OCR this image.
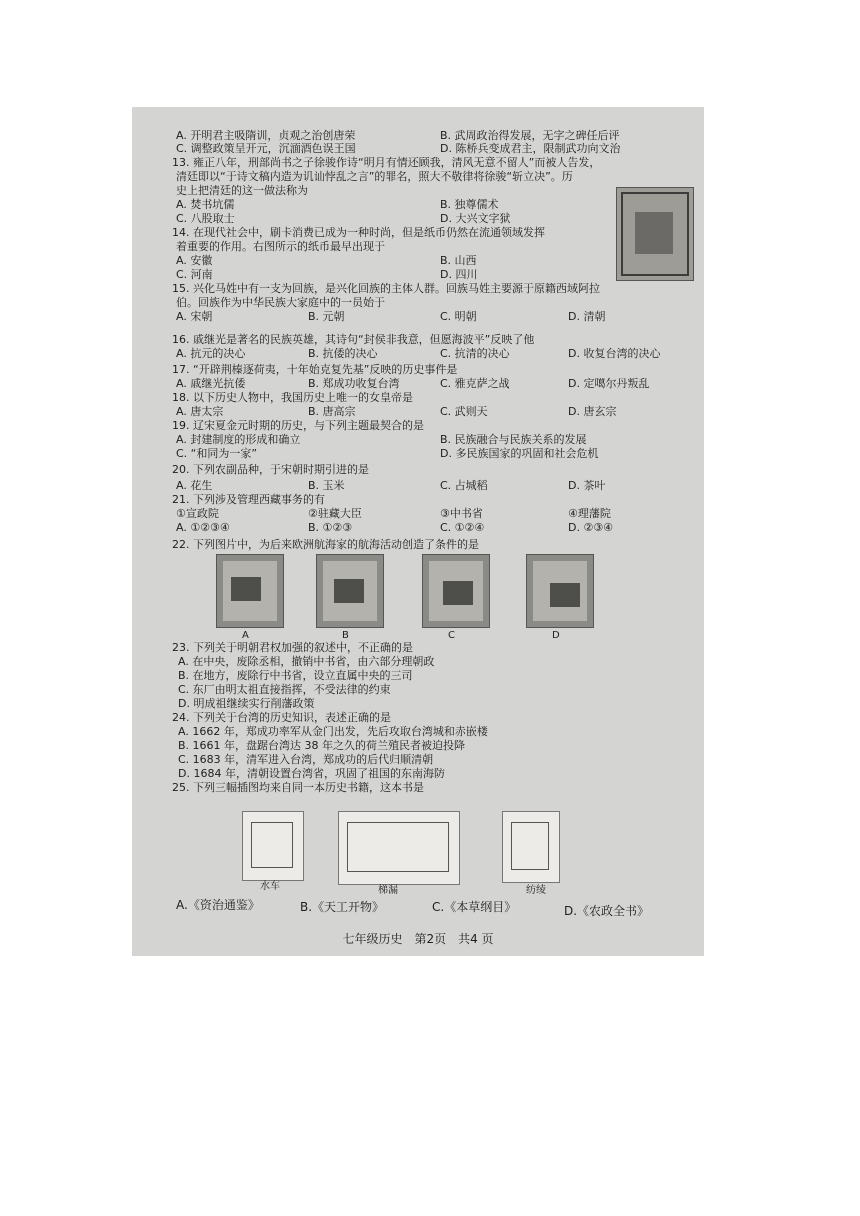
A. 开明君主吸隋训，贞观之治创唐荣	B. 武周政治得发展，无字之碑任后评
C. 调整政策呈开元，沉湎酒色误王国	D. 陈桥兵变成君主，限制武功向文治
13. 雍正八年，刑部尚书之子徐骏作诗“明月有情还顾我，清风无意不留人”而被人告发，
清廷即以“于诗文稿内造为讥讪悖乱之言”的罪名，照大不敬律将徐骏“斩立决”。历
史上把清廷的这一做法称为
A. 焚书坑儒	B. 独尊儒术
C. 八股取士	D. 大兴文字狱
14. 在现代社会中，刷卡消费已成为一种时尚，但是纸币仍然在流通领域发挥
着重要的作用。右图所示的纸币最早出现于
A. 安徽	B. 山西
C. 河南	D. 四川
15. 兴化马姓中有一支为回族，是兴化回族的主体人群。回族马姓主要源于原籍西域阿拉
伯。回族作为中华民族大家庭中的一员始于
16. 戚继光是著名的民族英雄，其诗句“封侯非我意，但愿海波平”反映了他
17. “开辟荆榛逐荷夷，十年始克复先基”反映的历史事件是
18. 以下历史人物中，我国历史上唯一的女皇帝是
19. 辽宋夏金元时期的历史，与下列主题最契合的是
A. 封建制度的形成和确立	B. 民族融合与民族关系的发展
C. “和同为一家”	D. 多民族国家的巩固和社会危机
20. 下列农副品种，于宋朝时期引进的是
21. 下列涉及管理西藏事务的有
22. 下列图片中，为后来欧洲航海家的航海活动创造了条件的是
23. 下列关于明朝君权加强的叙述中，不正确的是
A. 在中央，废除丞相，撤销中书省，由六部分理朝政
B. 在地方，废除行中书省，设立直属中央的三司
C. 东厂由明太祖直接指挥，不受法律的约束
D. 明成祖继续实行削藩政策
24. 下列关于台湾的历史知识，表述正确的是
A. 1662 年，郑成功率军从金门出发，先后攻取台湾城和赤嵌楼
B. 1661 年，盘踞台湾达 38 年之久的荷兰殖民者被迫投降
C. 1683 年，清军进入台湾，郑成功的后代归顺清朝
D. 1684 年，清朝设置台湾省，巩固了祖国的东南海防
25. 下列三幅插图均来自同一本历史书籍，这本书是
A. 宋朝	B. 元朝	C. 明朝	D. 清朝
A. 抗元的决心	B. 抗倭的决心	C. 抗清的决心	D. 收复台湾的决心
A. 戚继光抗倭	B. 郑成功收复台湾	C. 雅克萨之战	D. 定噶尔丹叛乱
A. 唐太宗	B. 唐高宗	C. 武则天	D. 唐玄宗
A. 花生	B. 玉米	C. 占城稻	D. 茶叶
①宣政院	②驻藏大臣	③中书省	④理藩院
A. ①②③④	B. ①②③	C. ①②④	D. ②③④
A	B	C	D
水车	梯漏	纺绫
A.《资治通鉴》	B.《天工开物》	C.《本草纲目》	D.《农政全书》
七年级历史　第2页　共4 页
